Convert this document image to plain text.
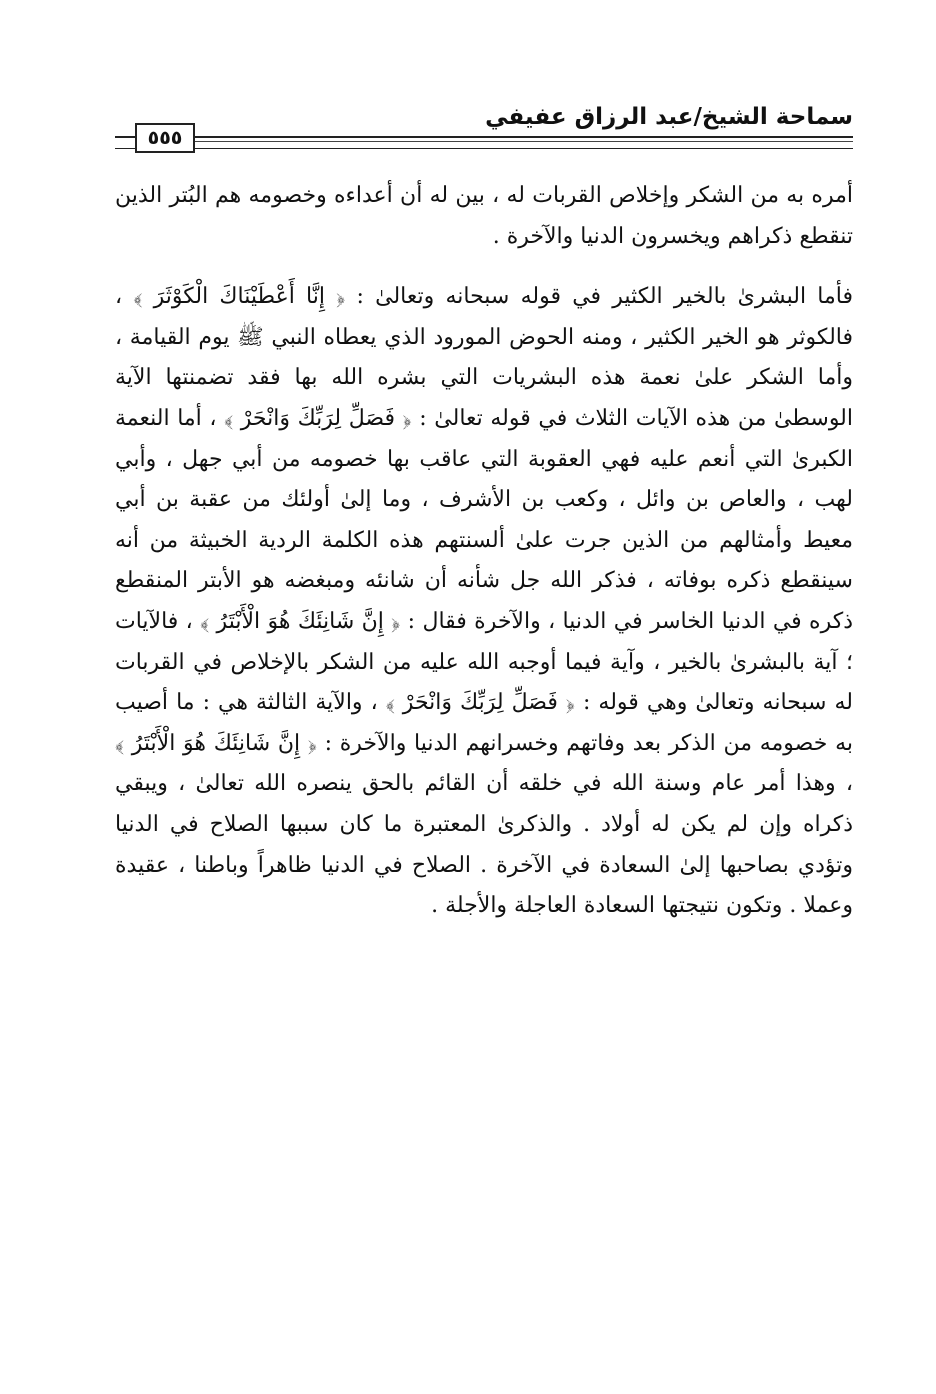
سماحة الشيخ/عبد الرزاق عفيفي
٥٥٥

أمره به من الشكر وإخلاص القربات له ، بين له أن أعداءه وخصومه هم البُتر الذين تنقطع ذكراهم ويخسرون الدنيا والآخرة .

فأما البشرىٰ بالخير الكثير في قوله سبحانه وتعالىٰ : ﴿ إِنَّا أَعْطَيْنَاكَ الْكَوْثَرَ ﴾ ، فالكوثر هو الخير الكثير ، ومنه الحوض المورود الذي يعطاه النبي ﷺ يوم القيامة ، وأما الشكر علىٰ نعمة هذه البشريات التي بشره الله بها فقد تضمنتها الآية الوسطىٰ من هذه الآيات الثلاث في قوله تعالىٰ : ﴿ فَصَلِّ لِرَبِّكَ وَانْحَرْ ﴾ ، أما النعمة الكبرىٰ التي أنعم عليه فهي العقوبة التي عاقب بها خصومه من أبي جهل ، وأبي لهب ، والعاص بن وائل ، وكعب بن الأشرف ، وما إلىٰ أولئك من عقبة بن أبي معيط وأمثالهم من الذين جرت علىٰ ألسنتهم هذه الكلمة الردية الخبيثة من أنه سينقطع ذكره بوفاته ، فذكر الله جل شأنه أن شانئه ومبغضه هو الأبتر المنقطع ذكره في الدنيا الخاسر في الدنيا ، والآخرة فقال : ﴿ إِنَّ شَانِئَكَ هُوَ الْأَبْتَرُ ﴾ ، فالآيات ؛ آية بالبشرىٰ بالخير ، وآية فيما أوجبه الله عليه من الشكر بالإخلاص في القربات له سبحانه وتعالىٰ وهي قوله : ﴿ فَصَلِّ لِرَبِّكَ وَانْحَرْ ﴾ ، والآية الثالثة هي : ما أصيب به خصومه من الذكر بعد وفاتهم وخسرانهم الدنيا والآخرة : ﴿ إِنَّ شَانِئَكَ هُوَ الْأَبْتَرُ ﴾ ، وهذا أمر عام وسنة الله في خلقه أن القائم بالحق ينصره الله تعالىٰ ، ويبقي ذكراه وإن لم يكن له أولاد . والذكرىٰ المعتبرة ما كان سببها الصلاح في الدنيا وتؤدي بصاحبها إلىٰ السعادة في الآخرة . الصلاح في الدنيا ظاهراً وباطنا ، عقيدة وعملا . وتكون نتيجتها السعادة العاجلة والأجلة .
